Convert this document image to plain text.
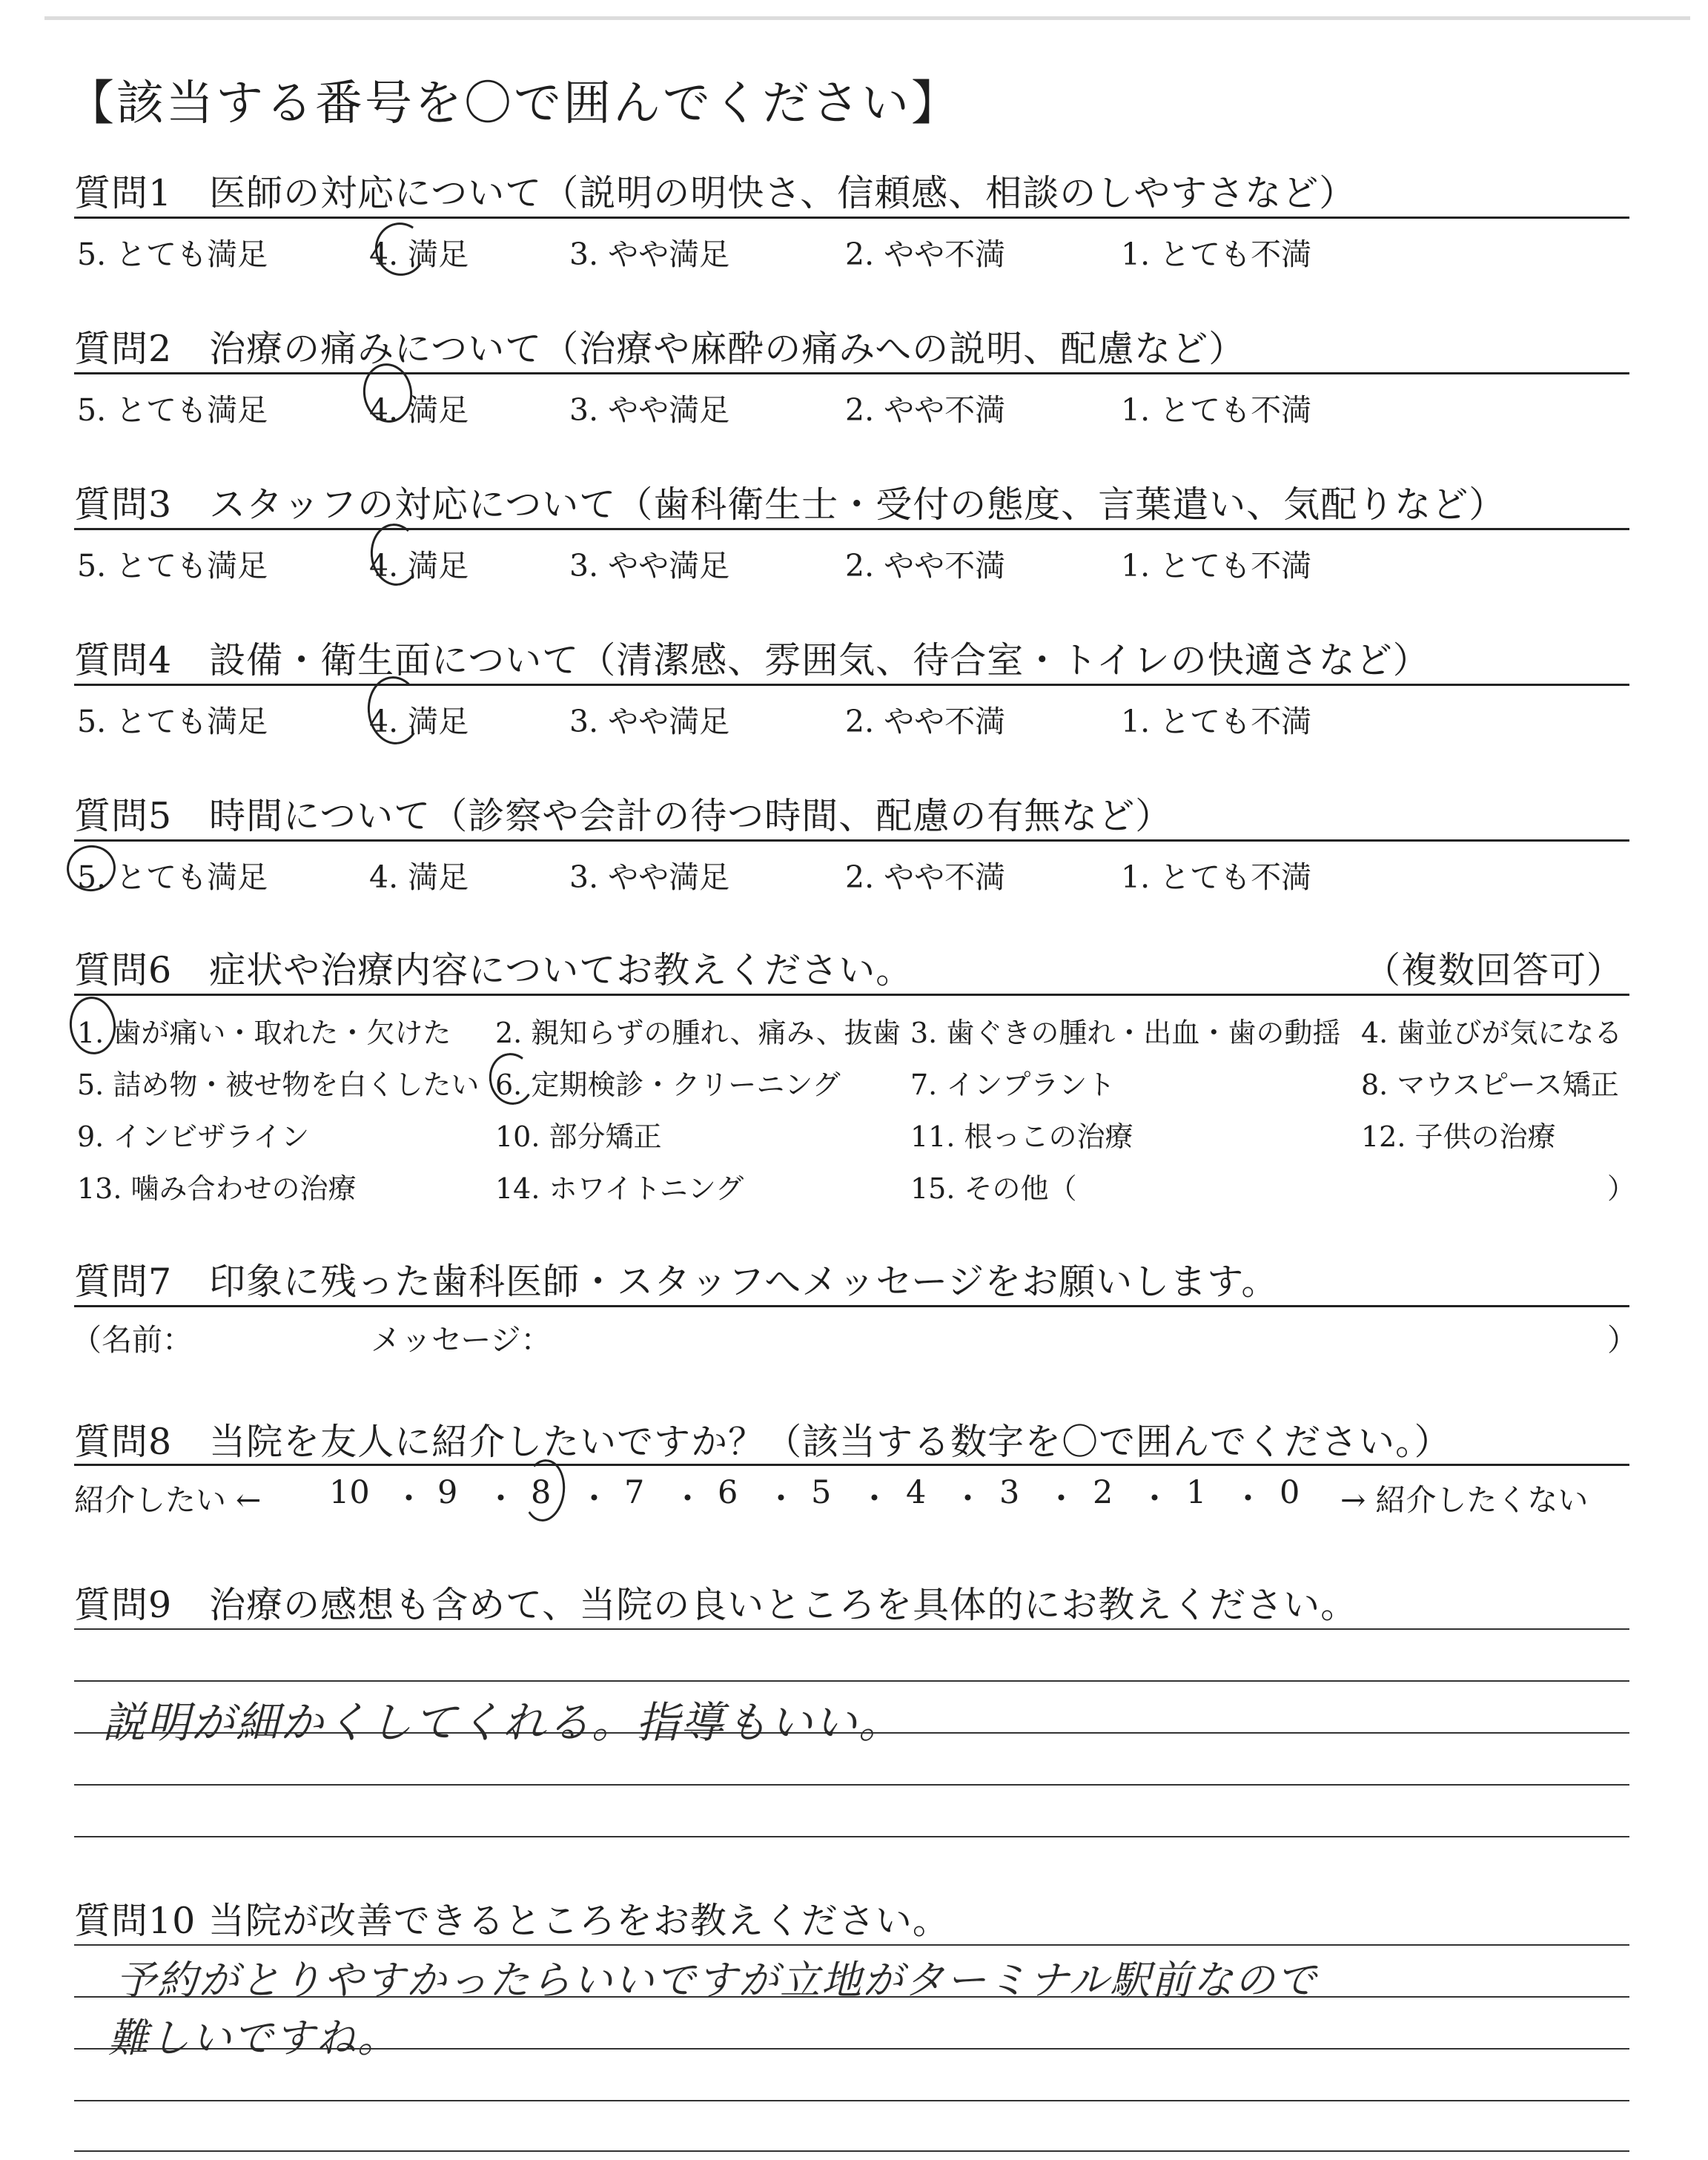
【該当する番号を〇で囲んでください】
質問1　医師の対応について（説明の明快さ、信頼感、相談のしやすさなど）
5. とても満足	4. 満足	3. やや満足	2. やや不満	1. とても不満
質問2　治療の痛みについて（治療や麻酔の痛みへの説明、配慮など）
5. とても満足	4. 満足	3. やや満足	2. やや不満	1. とても不満
質問3　スタッフの対応について（歯科衛生士・受付の態度、言葉遣い、気配りなど）
5. とても満足	4. 満足	3. やや満足	2. やや不満	1. とても不満
質問4　設備・衛生面について（清潔感、雰囲気、待合室・トイレの快適さなど）
5. とても満足	4. 満足	3. やや満足	2. やや不満	1. とても不満
質問5　時間について（診察や会計の待つ時間、配慮の有無など）
5. とても満足	4. 満足	3. やや満足	2. やや不満	1. とても不満
質問6　症状や治療内容についてお教えください。	（複数回答可）
1. 歯が痛い・取れた・欠けた 2. 親知らずの腫れ、痛み、抜歯 3. 歯ぐきの腫れ・出血・歯の動揺 4. 歯並びが気になる
5. 詰め物・被せ物を白くしたい 6. 定期検診・クリーニング 7. インプラント	8. マウスピース矯正
9. インビザライン	10. 部分矯正	11. 根っこの治療	12. 子供の治療
13. 噛み合わせの治療	14. ホワイトニング	15. その他（	）
質問7　印象に残った歯科医師・スタッフへメッセージをお願いします。
（名前：	メッセージ：	）
質問8　当院を友人に紹介したいですか？（該当する数字を〇で囲んでください。）
紹介したい ← 10 ・ 9 ・ 8 ・ 7 ・ 6 ・ 5 ・ 4 ・ 3 ・ 2 ・ 1 ・ 0 → 紹介したくない
質問9　治療の感想も含めて、当院の良いところを具体的にお教えください。
説明が細かくしてくれる。指導もいい。
質問10 当院が改善できるところをお教えください。
予約がとりやすかったらいいですが立地がターミナル駅前なので
難しいですね。
